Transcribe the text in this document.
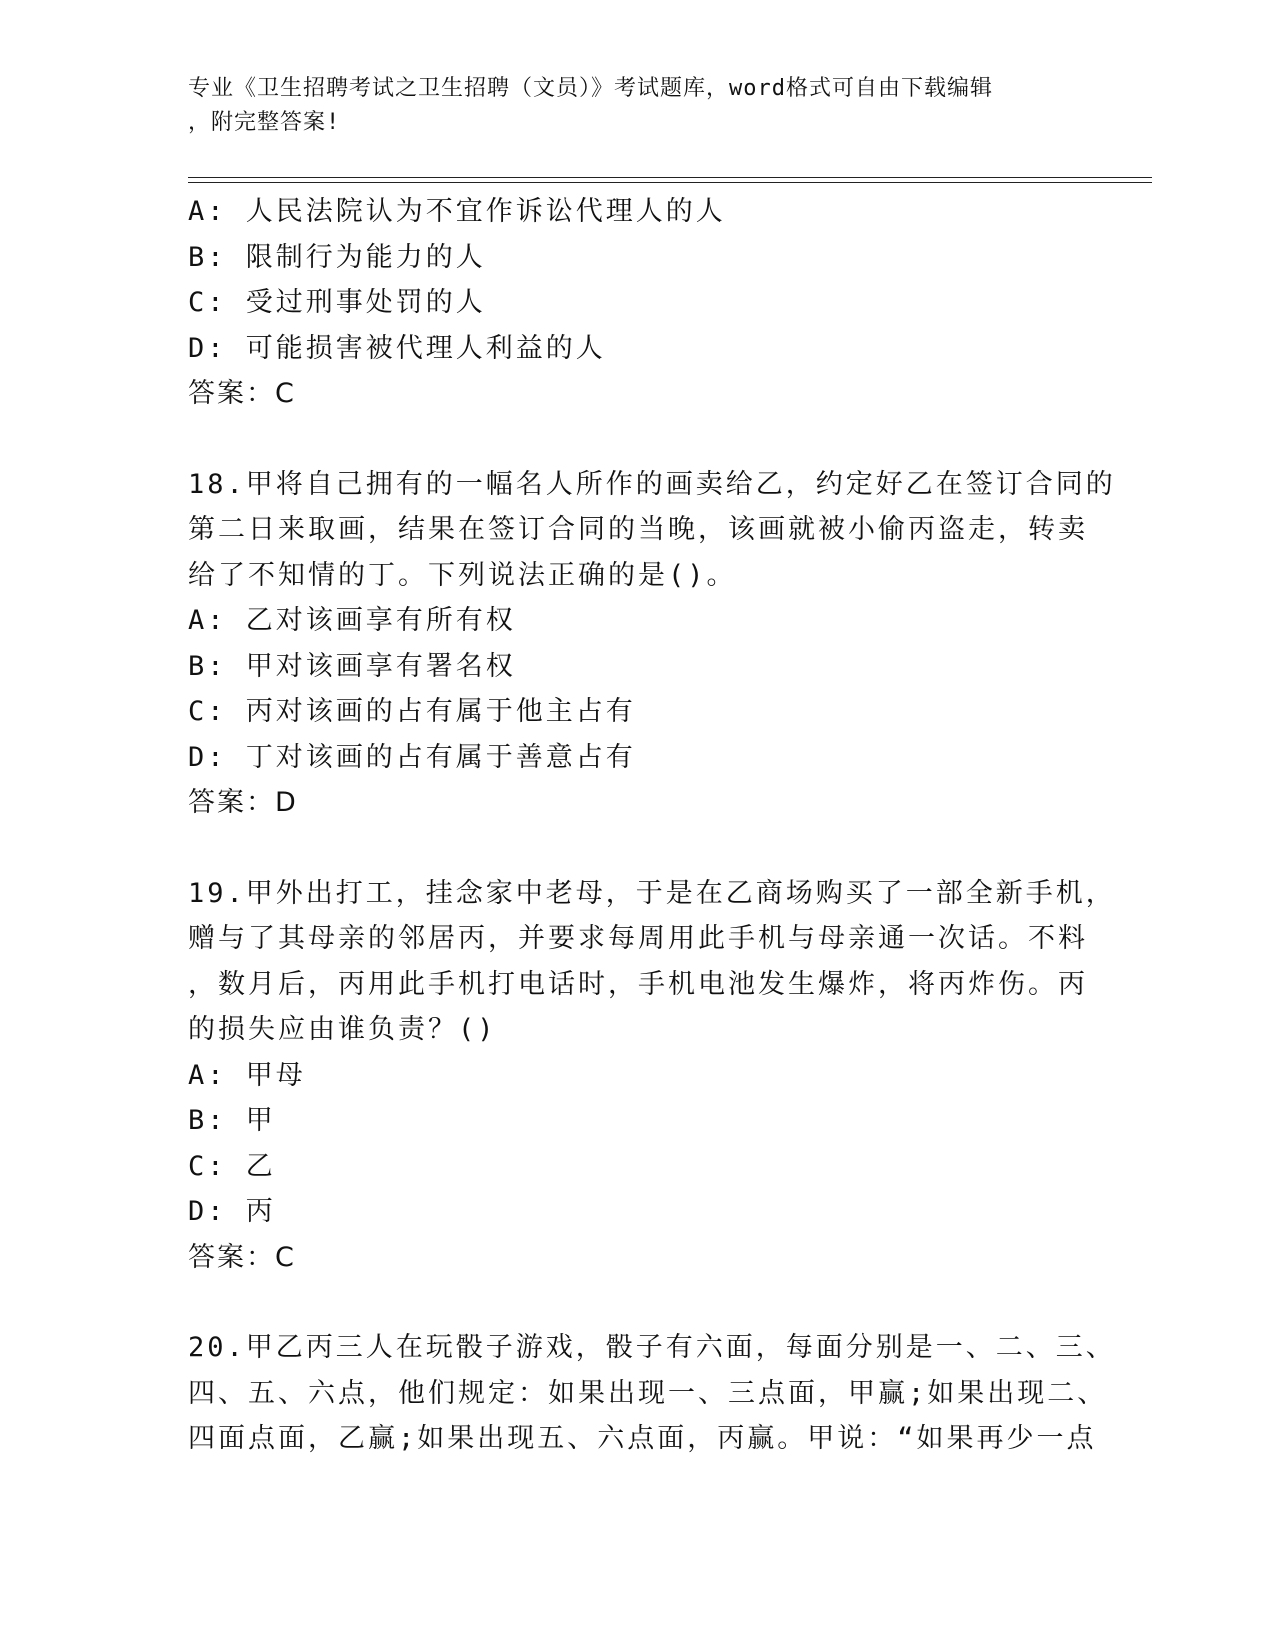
专业《卫生招聘考试之卫生招聘（文员）》考试题库，word格式可自由下载编辑
，附完整答案!
A: 人民法院认为不宜作诉讼代理人的人
B: 限制行为能力的人
C: 受过刑事处罚的人
D: 可能损害被代理人利益的人
答案：C
18.甲将自己拥有的一幅名人所作的画卖给乙，约定好乙在签订合同的
第二日来取画，结果在签订合同的当晚，该画就被小偷丙盗走，转卖
给了不知情的丁。下列说法正确的是()。
A: 乙对该画享有所有权
B: 甲对该画享有署名权
C: 丙对该画的占有属于他主占有
D: 丁对该画的占有属于善意占有
答案：D
19.甲外出打工，挂念家中老母，于是在乙商场购买了一部全新手机，
赠与了其母亲的邻居丙，并要求每周用此手机与母亲通一次话。不料
，数月后，丙用此手机打电话时，手机电池发生爆炸，将丙炸伤。丙
的损失应由谁负责？()
A: 甲母
B: 甲
C: 乙
D: 丙
答案：C
20.甲乙丙三人在玩骰子游戏，骰子有六面，每面分别是一、二、三、
四、五、六点，他们规定：如果出现一、三点面，甲赢;如果出现二、
四面点面，乙赢;如果出现五、六点面，丙赢。甲说：“如果再少一点
